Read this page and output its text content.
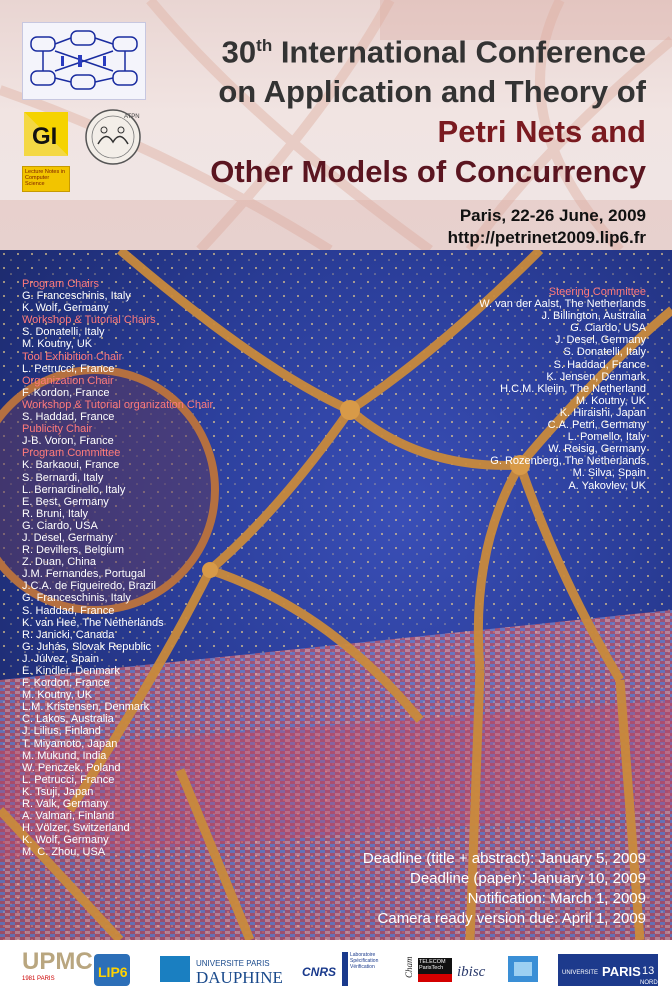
GI
ATPN
Lecture Notes in Computer Science
30th International Conference
on Application and Theory of
Petri Nets and
Other Models of Concurrency
Paris, 22-26 June, 2009
http://petrinet2009.lip6.fr
Program Chairs
G. Franceschinis, Italy
K. Wolf, Germany
Workshop & Tutorial Chairs
S. Donatelli, Italy
M. Koutny, UK
Tool Exhibition Chair
L. Petrucci, France
Organization Chair
F. Kordon, France
Workshop & Tutorial organization Chair
S. Haddad, France
Publicity Chair
J-B. Voron, France
Program Committee
K. Barkaoui, France
S. Bernardi, Italy
L. Bernardinello, Italy
E. Best, Germany
R. Bruni, Italy
G. Ciardo, USA
J. Desel, Germany
R. Devillers, Belgium
Z. Duan, China
J.M. Fernandes, Portugal
J.C.A. de Figueiredo, Brazil
G. Franceschinis, Italy
S. Haddad, France
K. van Hee, The Netherlands
R. Janicki, Canada
G. Juhás, Slovak Republic
J. Júlvez, Spain
E. Kindler, Denmark
F. Kordon, France
M. Koutny, UK
L.M. Kristensen, Denmark
C. Lakos, Australia
J. Lilius, Finland
T. Miyamoto, Japan
M. Mukund, India
W. Penczek, Poland
L. Petrucci, France
K. Tsuji, Japan
R. Valk, Germany
A. Valmari, Finland
H. Völzer, Switzerland
K. Wolf, Germany
M. C. Zhou, USA
Steering Committee
W. van der Aalst, The Netherlands
J. Billington, Australia
G. Ciardo, USA
J. Desel, Germany
S. Donatelli, Italy
S. Haddad, France
K. Jensen, Denmark
H.C.M. Kleijn, The Netherland
M. Koutny, UK
K. Hiraishi, Japan
C.A. Petri, Germany
L. Pomello, Italy
W. Reisig, Germany
G. Rozenberg, The Netherlands
M. Silva, Spain
A. Yakovlev, UK
Deadline (title + abstract): January 5, 2009
Deadline (paper): January 10, 2009
Notification: March 1, 2009
Camera ready version due: April 1, 2009
UPMC
1981 PARIS	LIP6
UNIVERSITE PARIS
DAUPHINE CNRS
Laboratoire Spécification Vérification	Cham TELECOM ParisTech ibisc	UNIVERSITE PARIS 13
NORD
